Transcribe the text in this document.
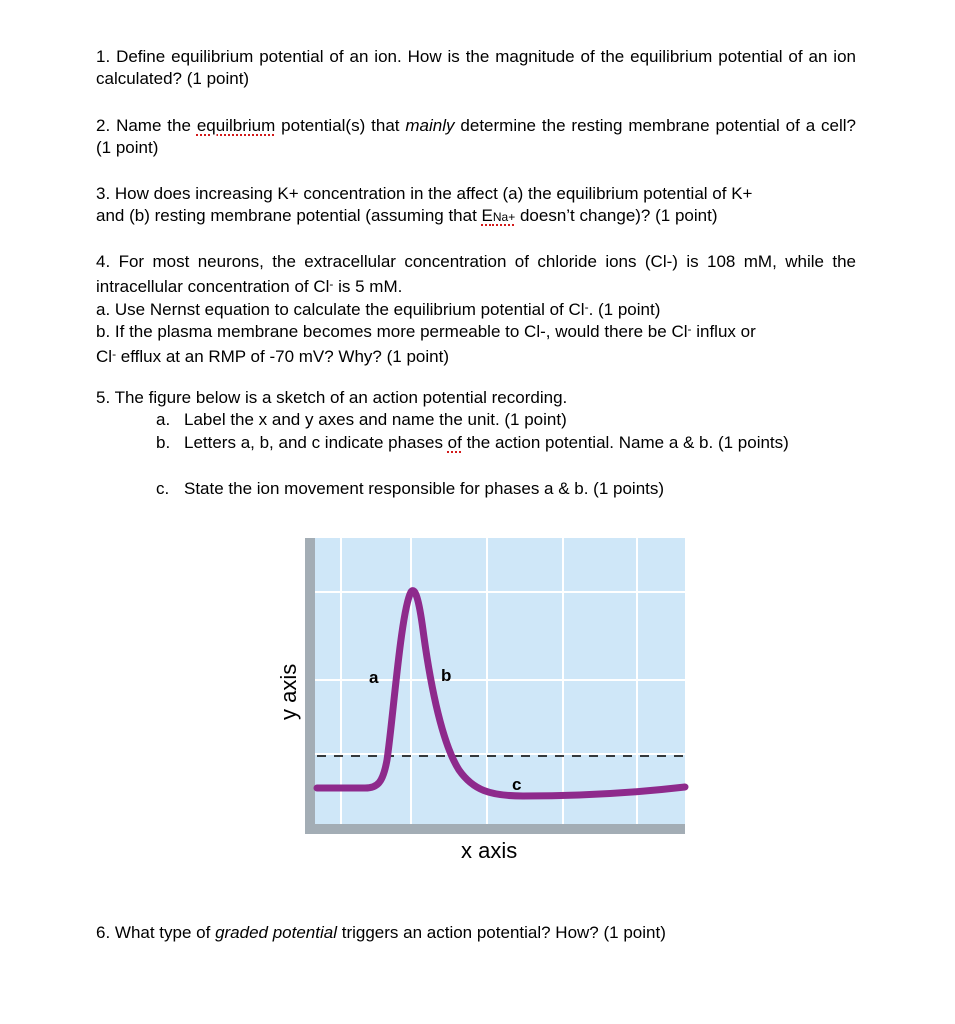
1. Define equilibrium potential of an ion. How is the magnitude of the equilibrium potential of an ion calculated? (1 point)
2. Name the equilbrium potential(s) that mainly determine the resting membrane potential of a cell? (1 point)
3. How does increasing K+ concentration in the affect (a) the equilibrium potential of K+
and (b) resting membrane potential (assuming that ENa+ doesn’t change)? (1 point)
4. For most neurons, the extracellular concentration of chloride ions (Cl-) is 108 mM, while the intracellular concentration of Cl- is 5 mM.
a. Use Nernst equation to calculate the equilibrium potential of Cl-. (1 point)
b. If the plasma membrane becomes more permeable to Cl-, would there be Cl- influx or
Cl- efflux at an RMP of -70 mV? Why? (1 point)
5. The figure below is a sketch of an action potential recording.
a. Label the x and y axes and name the unit. (1 point)
b. Letters a, b, and c indicate phases of the action potential. Name a & b. (1 points)
c. State the ion movement responsible for phases a & b. (1 points)
a	b
c
x axis
y axis
6. What type of graded potential triggers an action potential? How? (1 point)
